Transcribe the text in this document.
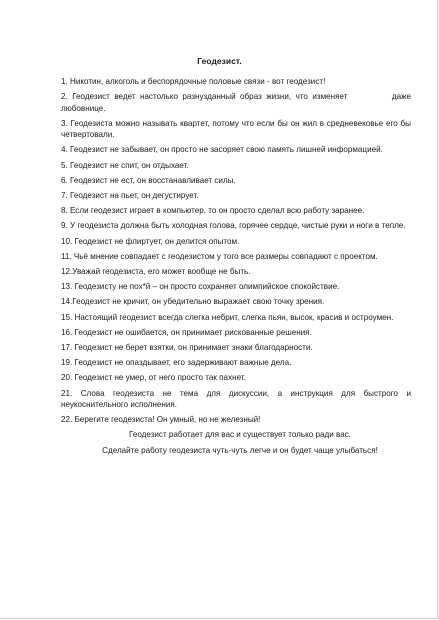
Геодезист.

1. Никотин, алкоголь и беспорядочные половые связи - вот геодезист!

2. Геодезист ведет настолько разнузданный образ жизни, что изменяет          даже любовнице.

3. Геодезиста можно называть квартет, потому что если бы он жил в средневековье его бы четвертовали.

4. Геодезист не забывает, он просто не засоряет свою память лишней информацией.

5. Геодезист не спит, он отдыхает.

6. Геодезист не ест, он восстанавливает силы.

7. Геодезист на пьет, он дегустирует.

8. Если геодезист играет в компьютер, то он просто сделал всю работу заранее.

9. У геодезиста должна быть холодная голова, горячее сердце, чистые руки и ноги в тепле.

10. Геодезист не флиртует, он делится опытом.

11. Чьё мнение совпадает с геодезистом у того все размеры совпадают с проектом.

12.Уважай геодезиста, его может вообще не быть.

13. Геодезисту не пох*й – он просто сохраняет олимпийское спокойствие.

14.Геодезист не кричит, он убедительно выражает свою точку зрения.

15. Настоящий геодезист всегда слегка небрит, слегка пьян, высок, красив и остроумен.

16. Геодезист не ошибается, он принимает рискованные решения.

17. Геодезист не берет взятки, он принимает знаки благодарности.

19. Геодезист не опаздывает, его задерживают важные дела.

20. Геодезист не умер, от него просто так пахнет.

21. Слова геодезиста не тема для дискуссии, а инструкция для быстрого и неукоснительного исполнения.

22. Берегите геодезиста! Он умный, но не железный!

Геодезист работает для вас и существует только ради вас.

Сделайте работу геодезиста чуть-чуть легче и он будет чаще улыбаться!
